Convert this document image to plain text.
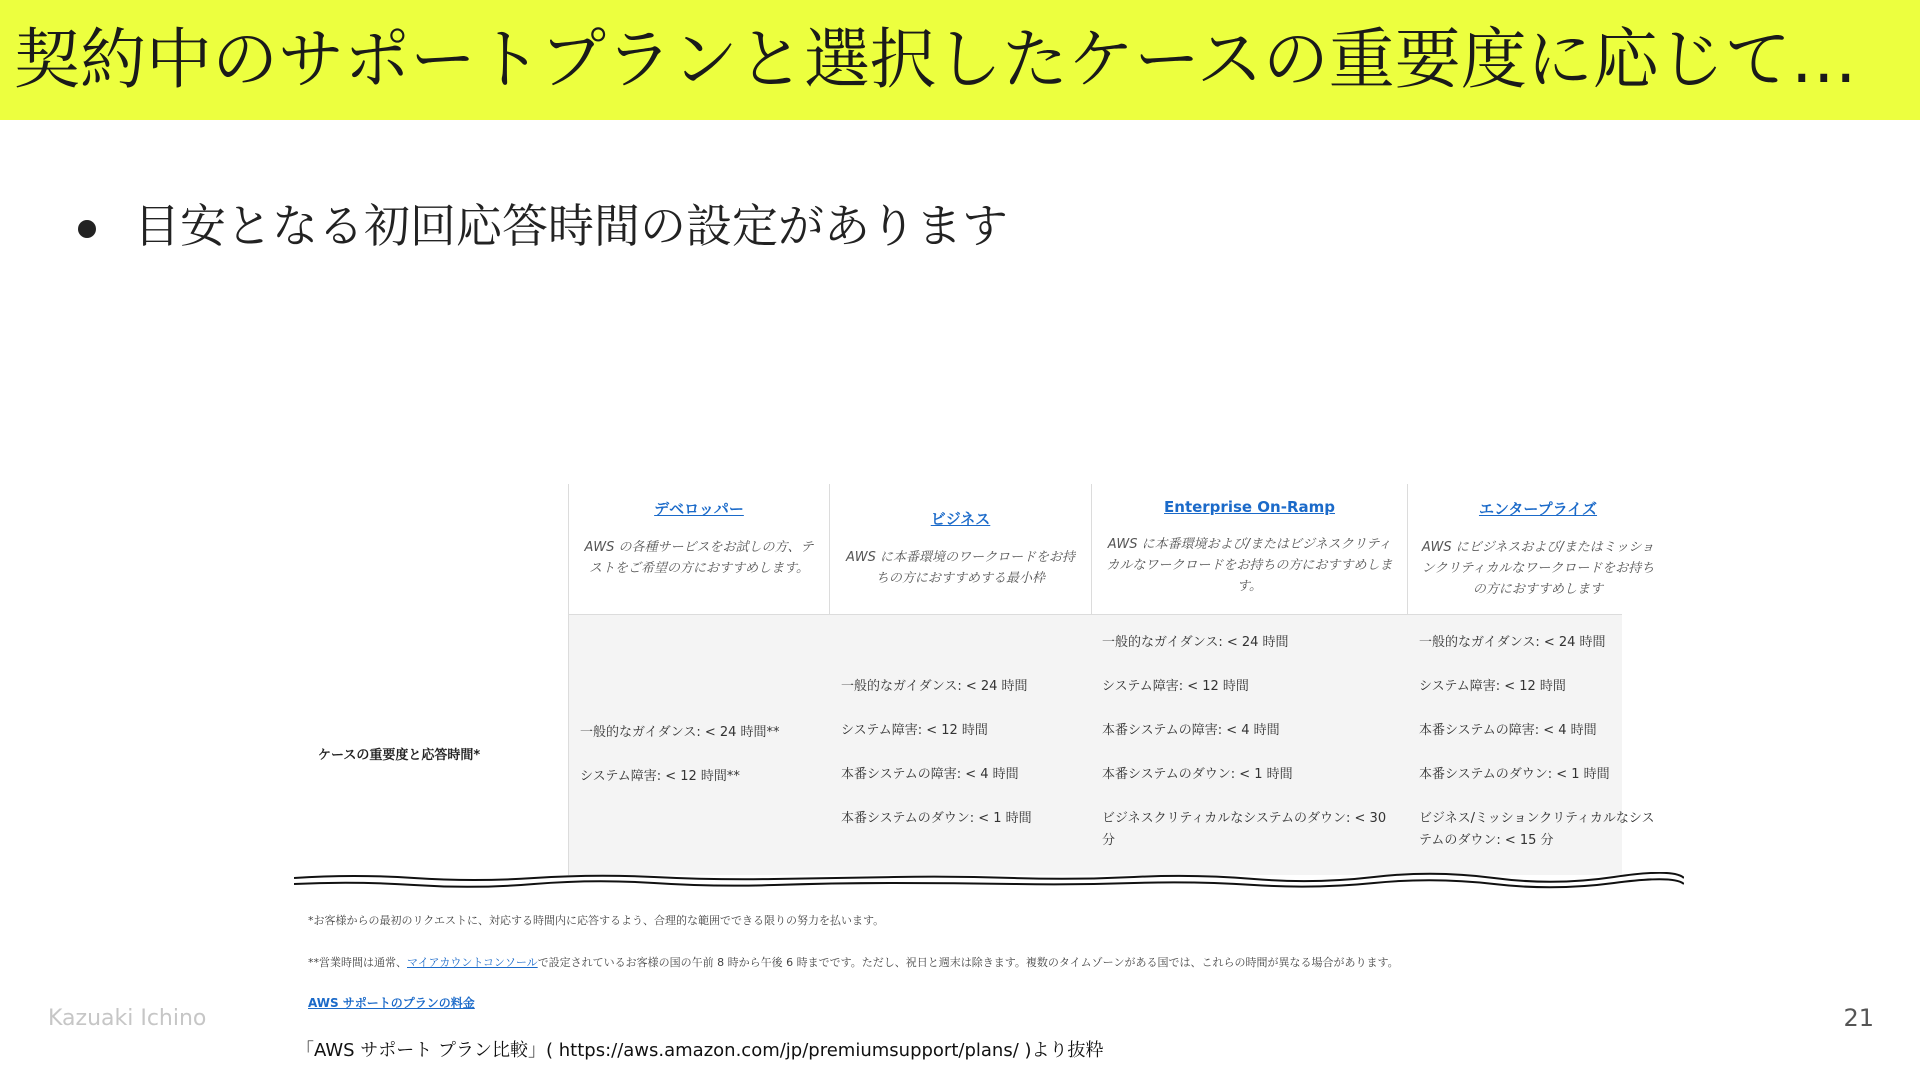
契約中のサポートプランと選択したケースの重要度に応じて…
目安となる初回応答時間の設定があります
デベロッパー
AWS の各種サービスをお試しの方、テストをご希望の方におすすめします。
ビジネス
AWS に本番環境のワークロードをお持ちの方におすすめする最小枠
Enterprise On-Ramp
AWS に本番環境および/またはビジネスクリティカルなワークロードをお持ちの方におすすめします。
エンタープライズ
AWS にビジネスおよび/またはミッションクリティカルなワークロードをお持ちの方におすすめします
ケースの重要度と応答時間*
一般的なガイダンス: < 24 時間**
システム障害: < 12 時間**
一般的なガイダンス: < 24 時間
システム障害: < 12 時間
本番システムの障害: < 4 時間
本番システムのダウン: < 1 時間
一般的なガイダンス: < 24 時間
システム障害: < 12 時間
本番システムの障害: < 4 時間
本番システムのダウン: < 1 時間
ビジネスクリティカルなシステムのダウン: < 30 分
一般的なガイダンス: < 24 時間
システム障害: < 12 時間
本番システムの障害: < 4 時間
本番システムのダウン: < 1 時間
ビジネス/ミッションクリティカルなシステムのダウン: < 15 分
*お客様からの最初のリクエストに、対応する時間内に応答するよう、合理的な範囲でできる限りの努力を払います。
**営業時間は通常、マイアカウントコンソールで設定されているお客様の国の午前 8 時から午後 6 時までです。ただし、祝日と週末は除きます。複数のタイムゾーンがある国では、これらの時間が異なる場合があります。
AWS サポートのプランの料金
Kazuaki Ichino	21
「AWS サポート プラン比較」( https://aws.amazon.com/jp/premiumsupport/plans/ )より抜粋
